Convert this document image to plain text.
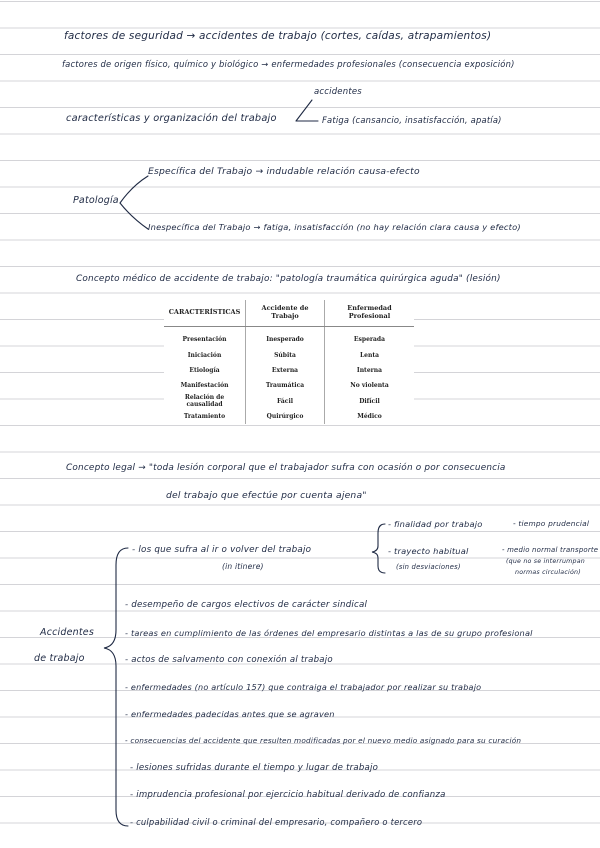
factores de seguridad → accidentes de trabajo (cortes, caídas, atrapamientos)
factores de origen físico, químico y biológico → enfermedades profesionales (consecuencia exposición)
accidentes
características y organización del trabajo	Fatiga (cansancio, insatisfacción, apatía)
Patología
Específica del Trabajo → indudable relación causa-efecto
Inespecífica del Trabajo → fatiga, insatisfacción (no hay relación clara causa y efecto)
Concepto médico de accidente de trabajo: "patología traumática quirúrgica aguda" (lesión)
CARACTERÍSTICAS	Accidente de Trabajo	Enfermedad Profesional
Presentación	Inesperado	Esperada
Iniciación	Súbita	Lenta
Etiología	Externa	Interna
Manifestación	Traumática	No violenta
Relación de causalidad	Fácil	Difícil
Tratamiento	Quirúrgico	Médico
Concepto legal → "toda lesión corporal que el trabajador sufra con ocasión o por consecuencia
del trabajo que efectúe por cuenta ajena"
Accidentes
de trabajo
- los que sufra al ir o volver del trabajo
(in itinere)
- finalidad por trabajo	- tiempo prudencial
- trayecto habitual
(sin desviaciones)
- medio normal transporte
(que no se interrumpan
normas circulación)
- desempeño de cargos electivos de carácter sindical
- tareas en cumplimiento de las órdenes del empresario distintas a las de su grupo profesional
- actos de salvamento con conexión al trabajo
- enfermedades (no artículo 157) que contraiga el trabajador por realizar su trabajo
- enfermedades padecidas antes que se agraven
- consecuencias del accidente que resulten modificadas por el nuevo medio asignado para su curación
- lesiones sufridas durante el tiempo y lugar de trabajo
- imprudencia profesional por ejercicio habitual derivado de confianza
- culpabilidad civil o criminal del empresario, compañero o tercero
